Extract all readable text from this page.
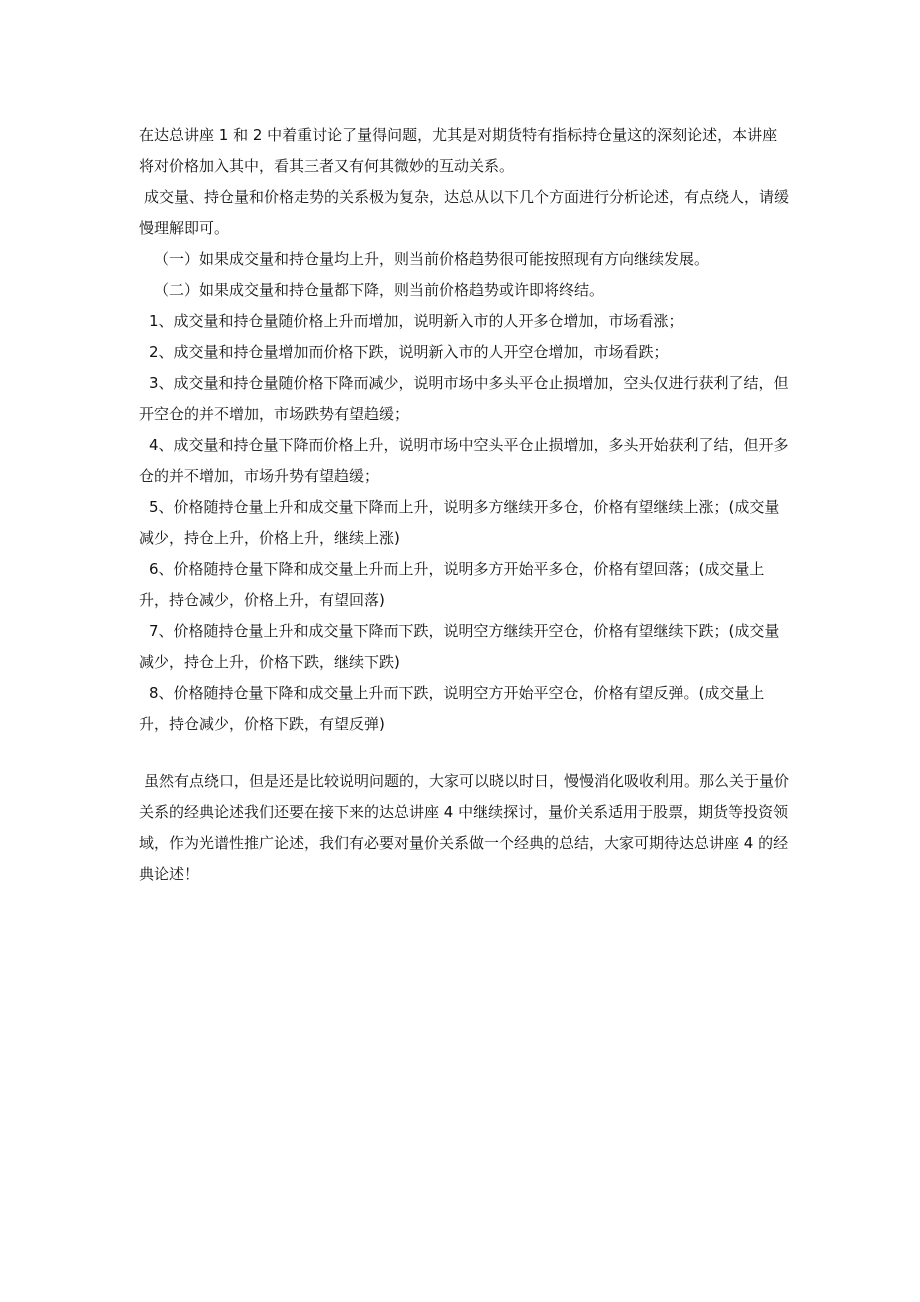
在达总讲座 1 和 2 中着重讨论了量得问题，尤其是对期货特有指标持仓量这的深刻论述，本讲座将对价格加入其中，看其三者又有何其微妙的互动关系。

成交量、持仓量和价格走势的关系极为复杂，达总从以下几个方面进行分析论述，有点绕人，请缓慢理解即可。

（一）如果成交量和持仓量均上升，则当前价格趋势很可能按照现有方向继续发展。

（二）如果成交量和持仓量都下降，则当前价格趋势或许即将终结。

1、成交量和持仓量随价格上升而增加，说明新入市的人开多仓增加，市场看涨；

2、成交量和持仓量增加而价格下跌，说明新入市的人开空仓增加，市场看跌；

3、成交量和持仓量随价格下降而减少，说明市场中多头平仓止损增加，空头仅进行获利了结，但开空仓的并不增加，市场跌势有望趋缓；

4、成交量和持仓量下降而价格上升，说明市场中空头平仓止损增加，多头开始获利了结，但开多仓的并不增加，市场升势有望趋缓；

5、价格随持仓量上升和成交量下降而上升，说明多方继续开多仓，价格有望继续上涨；(成交量减少，持仓上升，价格上升，继续上涨)

6、价格随持仓量下降和成交量上升而上升，说明多方开始平多仓，价格有望回落；(成交量上升，持仓减少，价格上升，有望回落)

7、价格随持仓量上升和成交量下降而下跌，说明空方继续开空仓，价格有望继续下跌；(成交量减少，持仓上升，价格下跌，继续下跌)

8、价格随持仓量下降和成交量上升而下跌，说明空方开始平空仓，价格有望反弹。(成交量上升，持仓减少，价格下跌，有望反弹)

虽然有点绕口，但是还是比较说明问题的，大家可以晓以时日，慢慢消化吸收利用。那么关于量价关系的经典论述我们还要在接下来的达总讲座 4 中继续探讨，量价关系适用于股票，期货等投资领域，作为光谱性推广论述，我们有必要对量价关系做一个经典的总结，大家可期待达总讲座 4 的经典论述！
